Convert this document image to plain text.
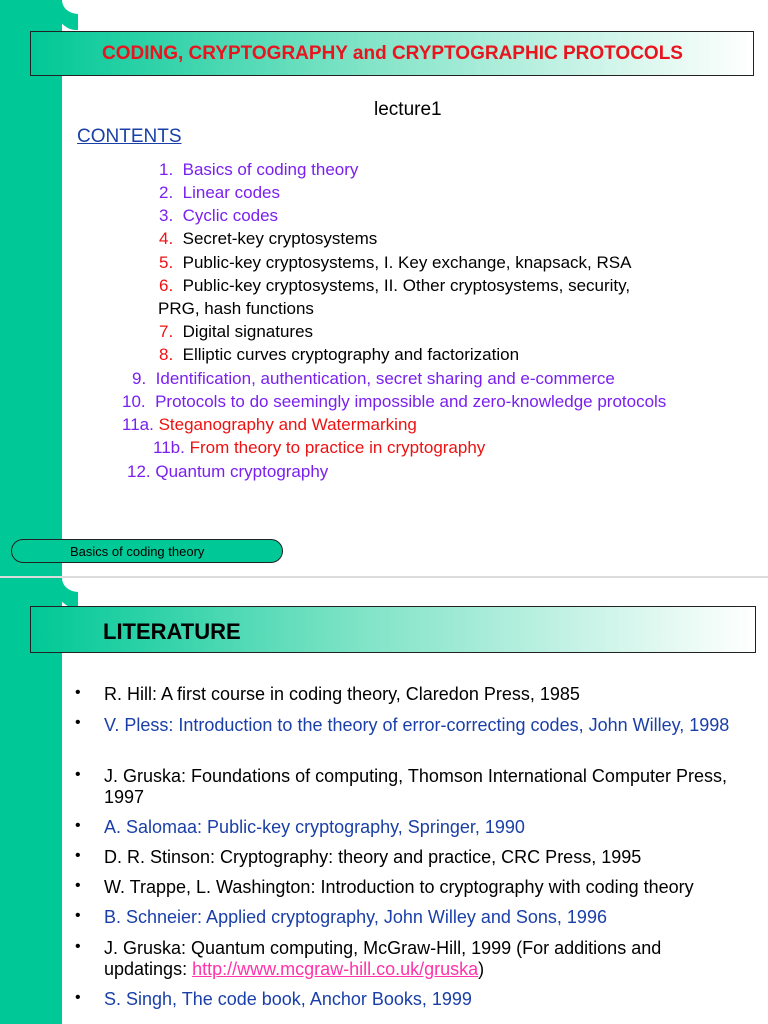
CODING, CRYPTOGRAPHY and CRYPTOGRAPHIC PROTOCOLS
lecture1
CONTENTS
1. Basics of coding theory
2. Linear codes
3. Cyclic codes
4. Secret-key cryptosystems
5. Public-key cryptosystems, I. Key exchange, knapsack, RSA
6. Public-key cryptosystems, II. Other cryptosystems, security,
PRG, hash functions
7. Digital signatures
8. Elliptic curves cryptography and factorization
9. Identification, authentication, secret sharing and e-commerce
10. Protocols to do seemingly impossible and zero-knowledge protocols
11a. Steganography and Watermarking
11b. From theory to practice in cryptography
12. Quantum cryptography
Basics of coding theory
LITERATURE
• R. Hill: A first course in coding theory, Claredon Press, 1985
• V. Pless: Introduction to the theory of error-correcting codes, John Willey, 1998
• J. Gruska: Foundations of computing, Thomson International Computer Press, 1997
• A. Salomaa: Public-key cryptography, Springer, 1990
• D. R. Stinson: Cryptography: theory and practice, CRC Press, 1995
• W. Trappe, L. Washington: Introduction to cryptography with coding theory
• B. Schneier: Applied cryptography, John Willey and Sons, 1996
• J. Gruska: Quantum computing, McGraw-Hill, 1999 (For additions and updatings: http://www.mcgraw-hill.co.uk/gruska)
• S. Singh, The code book, Anchor Books, 1999
